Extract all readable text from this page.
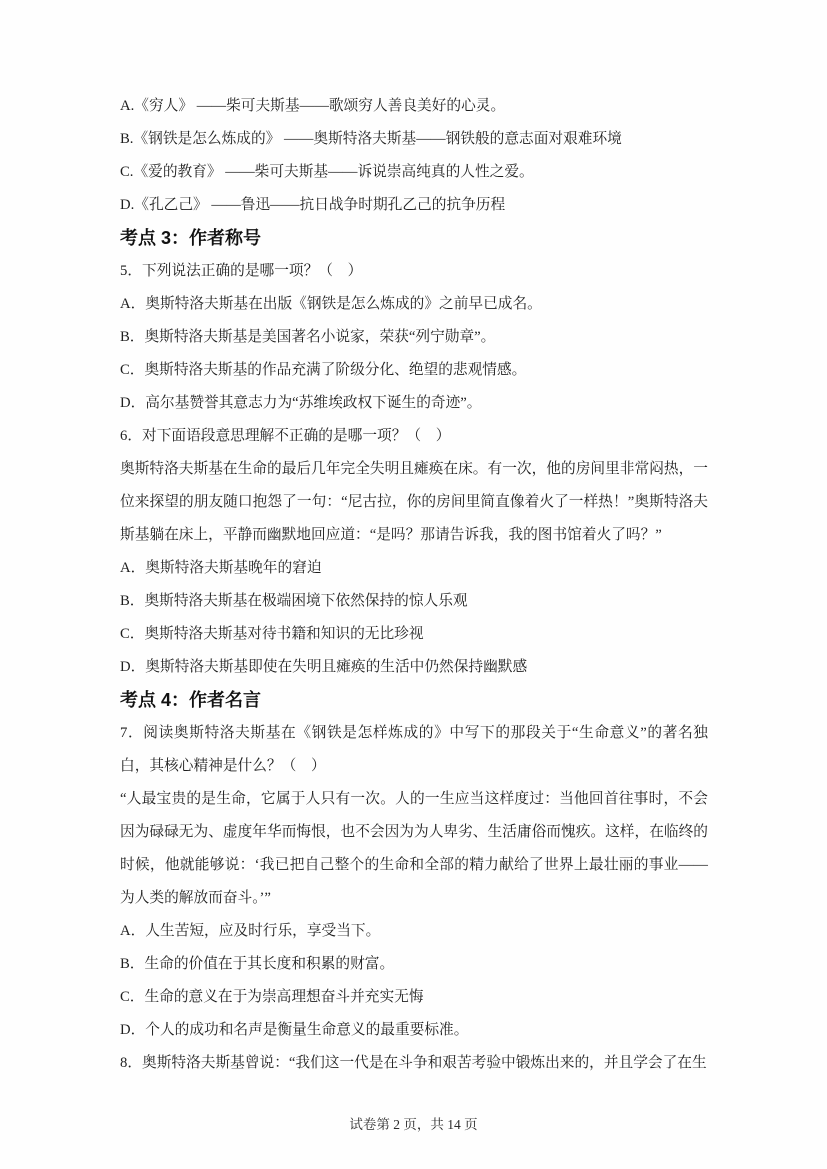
A.《穷人》 ——柴可夫斯基——歌颂穷人善良美好的心灵。

B.《钢铁是怎么炼成的》 ——奥斯特洛夫斯基——钢铁般的意志面对艰难环境

C.《爱的教育》 ——柴可夫斯基——诉说崇高纯真的人性之爱。

D.《孔乙己》 ——鲁迅——抗日战争时期孔乙己的抗争历程

考点 3：作者称号

5．下列说法正确的是哪一项？（　）

A．奥斯特洛夫斯基在出版《钢铁是怎么炼成的》之前早已成名。

B．奥斯特洛夫斯基是美国著名小说家，荣获“列宁勋章”。

C．奥斯特洛夫斯基的作品充满了阶级分化、绝望的悲观情感。

D．高尔基赞誉其意志力为“苏维埃政权下诞生的奇迹”。

6．对下面语段意思理解不正确的是哪一项？（　）

奥斯特洛夫斯基在生命的最后几年完全失明且瘫痪在床。有一次，他的房间里非常闷热，一位来探望的朋友随口抱怨了一句：“尼古拉，你的房间里简直像着火了一样热！”奥斯特洛夫斯基躺在床上，平静而幽默地回应道：“是吗？那请告诉我，我的图书馆着火了吗？”

A．奥斯特洛夫斯基晚年的窘迫

B．奥斯特洛夫斯基在极端困境下依然保持的惊人乐观

C．奥斯特洛夫斯基对待书籍和知识的无比珍视

D．奥斯特洛夫斯基即使在失明且瘫痪的生活中仍然保持幽默感

考点 4：作者名言

7．阅读奥斯特洛夫斯基在《钢铁是怎样炼成的》中写下的那段关于“生命意义”的著名独白，其核心精神是什么？（　）

“人最宝贵的是生命，它属于人只有一次。人的一生应当这样度过：当他回首往事时，不会因为碌碌无为、虚度年华而悔恨，也不会因为为人卑劣、生活庸俗而愧疚。这样，在临终的时候，他就能够说：‘我已把自己整个的生命和全部的精力献给了世界上最壮丽的事业——为人类的解放而奋斗。’”

A．人生苦短，应及时行乐，享受当下。

B．生命的价值在于其长度和积累的财富。

C．生命的意义在于为崇高理想奋斗并充实无悔

D．个人的成功和名声是衡量生命意义的最重要标准。

8．奥斯特洛夫斯基曾说：“我们这一代是在斗争和艰苦考验中锻炼出来的，并且学会了在生

试卷第 2 页，共 14 页
